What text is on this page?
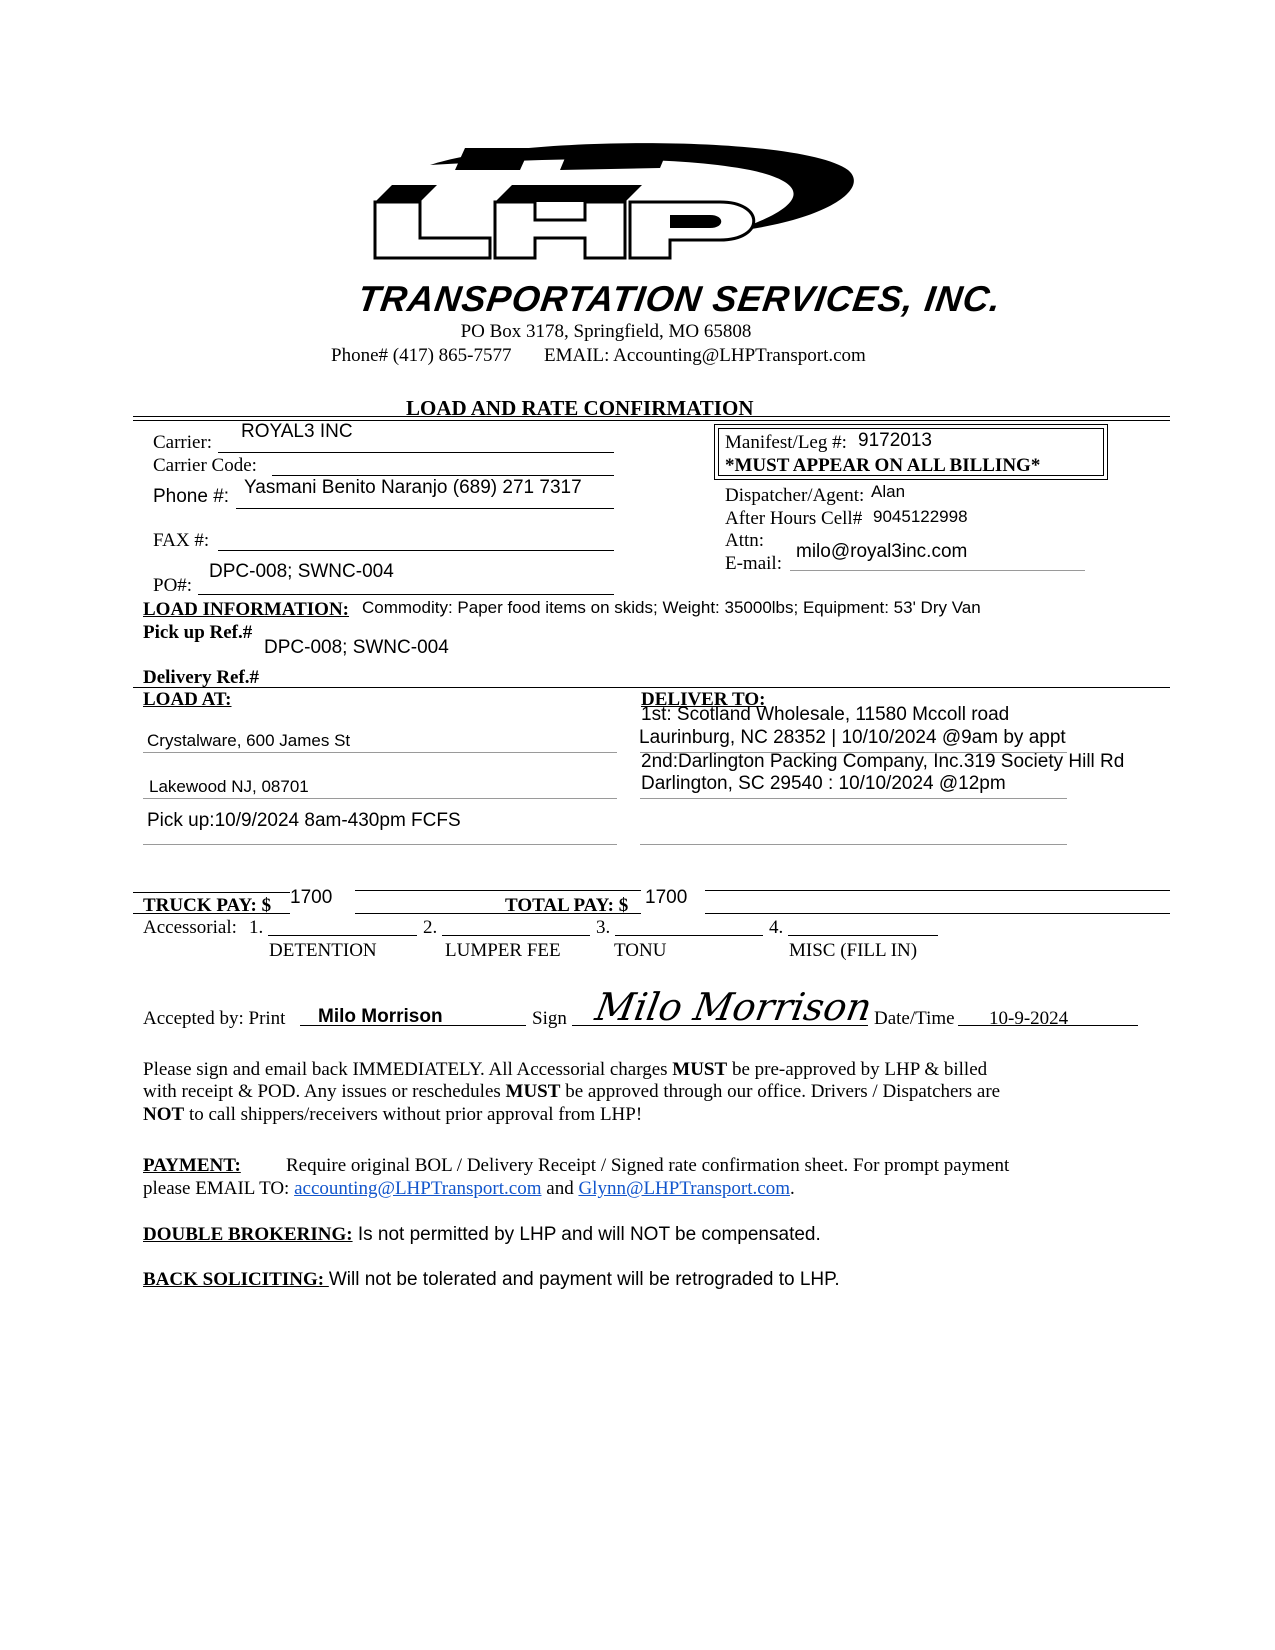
LHP
TRANSPORTATION SERVICES, INC.
PO Box 3178, Springfield, MO 65808
Phone# (417) 865-7577 EMAIL: Accounting@LHPTransport.com
LOAD AND RATE CONFIRMATION
Carrier:
ROYAL3 INC
Carrier Code:
Phone #: Yasmani Benito Naranjo (689) 271 7317
FAX #:
PO#:
DPC-008; SWNC-004
Manifest/Leg #: 9172013
*MUST APPEAR ON ALL BILLING*
Dispatcher/Agent: Alan
After Hours Cell# 9045122998
Attn:
E-mail:
milo@royal3inc.com
LOAD INFORMATION: Commodity: Paper food items on skids; Weight: 35000lbs; Equipment: 53' Dry Van
Pick up Ref.#
DPC-008; SWNC-004
Delivery Ref.#
LOAD AT:
Crystalware, 600 James St
Lakewood NJ, 08701
Pick up:10/9/2024 8am-430pm FCFS
DELIVER TO:
1st: Scotland Wholesale, 11580 Mccoll road
Laurinburg, NC 28352 | 10/10/2024 @9am by appt
2nd:Darlington Packing Company, Inc.319 Society Hill Rd
Darlington, SC 29540 : 10/10/2024 @12pm
TRUCK PAY: $ 1700	TOTAL PAY: $ 1700
Accessorial: 1.	2.	3.	4.
DETENTION	LUMPER FEE	TONU	MISC (FILL IN)
Accepted by: Print Milo Morrison	Sign Milo Morrison
Date/Time 10-9-2024
Please sign and email back IMMEDIATELY. All Accessorial charges MUST be pre-approved by LHP & billed
with receipt & POD. Any issues or reschedules MUST be approved through our office. Drivers / Dispatchers are
NOT to call shippers/receivers without prior approval from LHP!
PAYMENT: Require original BOL / Delivery Receipt / Signed rate confirmation sheet. For prompt payment
please EMAIL TO: accounting@LHPTransport.com and Glynn@LHPTransport.com.
DOUBLE BROKERING: Is not permitted by LHP and will NOT be compensated.
BACK SOLICITING: Will not be tolerated and payment will be retrograded to LHP.
